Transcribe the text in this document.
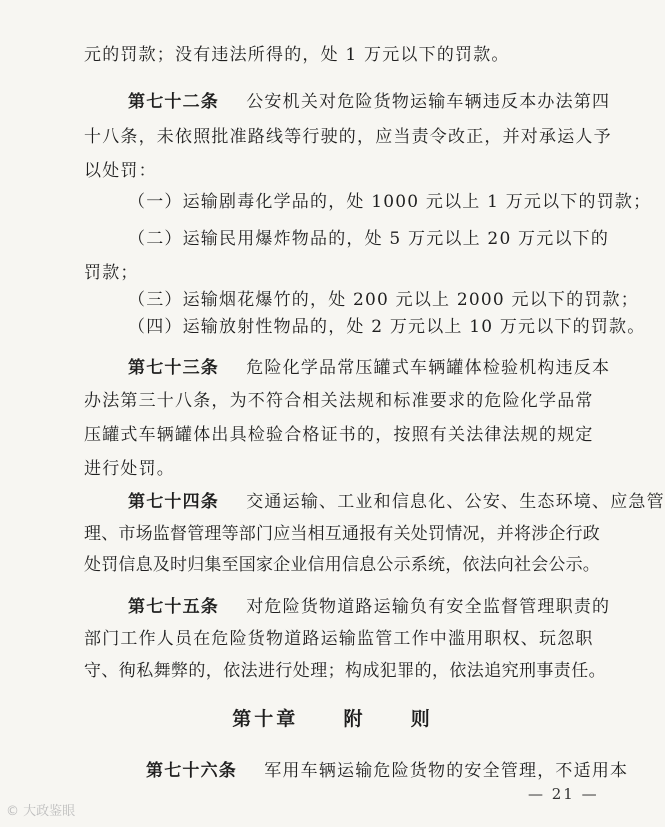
元的罚款；没有违法所得的，处 1 万元以下的罚款。
第七十二条 公安机关对危险货物运输车辆违反本办法第四
十八条，未依照批准路线等行驶的，应当责令改正，并对承运人予
以处罚：
（一）运输剧毒化学品的，处 1000 元以上 1 万元以下的罚款；
（二）运输民用爆炸物品的，处 5 万元以上 20 万元以下的
罚款；
（三）运输烟花爆竹的，处 200 元以上 2000 元以下的罚款；
（四）运输放射性物品的，处 2 万元以上 10 万元以下的罚款。
第七十三条 危险化学品常压罐式车辆罐体检验机构违反本
办法第三十八条，为不符合相关法规和标准要求的危险化学品常
压罐式车辆罐体出具检验合格证书的，按照有关法律法规的规定
进行处罚。
第七十四条 交通运输、工业和信息化、公安、生态环境、应急管
理、市场监督管理等部门应当相互通报有关处罚情况，并将涉企行政
处罚信息及时归集至国家企业信用信息公示系统，依法向社会公示。
第七十五条 对危险货物道路运输负有安全监督管理职责的
部门工作人员在危险货物道路运输监管工作中滥用职权、玩忽职
守、徇私舞弊的，依法进行处理；构成犯罪的，依法追究刑事责任。
第十章 附 则
第七十六条 军用车辆运输危险货物的安全管理，不适用本
— 21 —
© 大政鉴眼
